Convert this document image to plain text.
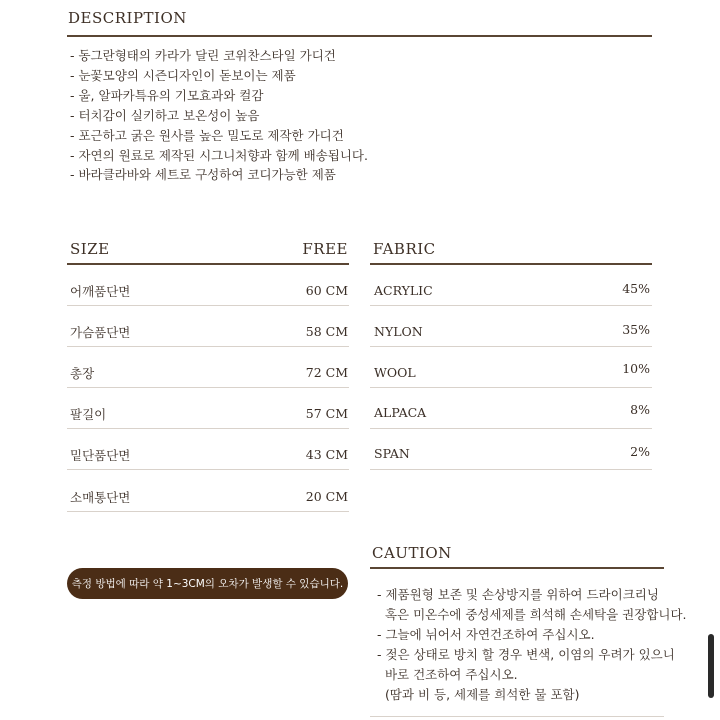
DESCRIPTION
- 동그란형태의 카라가 달린 코위찬스타일 가디건
- 눈꽃모양의 시즌디자인이 돋보이는 제품
- 울, 알파카특유의 기모효과와 컬감
- 터치감이 실키하고 보온성이 높음
- 포근하고 굵은 원사를 높은 밀도로 제작한 가디건
- 자연의 원료로 제작된 시그니처향과 함께 배송됩니다.
- 바라클라바와 세트로 구성하여 코디가능한 제품
SIZE	FREE
어깨품단면	60 CM
가슴품단면	58 CM
총장	72 CM
팔길이	57 CM
밑단품단면	43 CM
소매통단면	20 CM
측정 방법에 따라 약 1~3CM의 오차가 발생할 수 있습니다.
FABRIC
ACRYLIC	45%
NYLON	35%
WOOL	10%
ALPACA	8%
SPAN	2%
CAUTION
- 제품원형 보존 및 손상방지를 위하여 드라이크리닝
혹은 미온수에 중성세제를 희석해 손세탁을 권장합니다.
- 그늘에 뉘어서 자연건조하여 주십시오.
- 젖은 상태로 방치 할 경우 변색, 이염의 우려가 있으니
바로 건조하여 주십시오.
(땀과 비 등, 세제를 희석한 물 포함)
